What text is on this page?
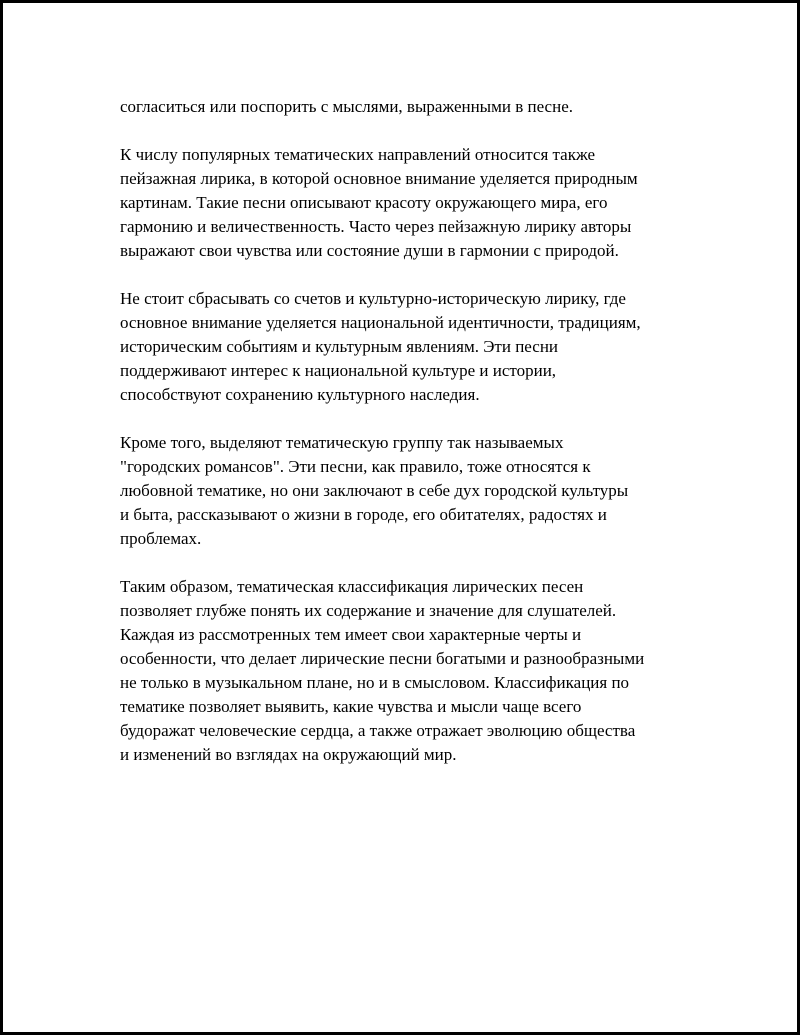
согласиться или поспорить с мыслями, выраженными в песне.

К числу популярных тематических направлений относится также
пейзажная лирика, в которой основное внимание уделяется природным
картинам. Такие песни описывают красоту окружающего мира, его
гармонию и величественность. Часто через пейзажную лирику авторы
выражают свои чувства или состояние души в гармонии с природой.

Не стоит сбрасывать со счетов и культурно-историческую лирику, где
основное внимание уделяется национальной идентичности, традициям,
историческим событиям и культурным явлениям. Эти песни
поддерживают интерес к национальной культуре и истории,
способствуют сохранению культурного наследия.

Кроме того, выделяют тематическую группу так называемых
"городских романсов". Эти песни, как правило, тоже относятся к
любовной тематике, но они заключают в себе дух городской культуры
и быта, рассказывают о жизни в городе, его обитателях, радостях и
проблемах.

Таким образом, тематическая классификация лирических песен
позволяет глубже понять их содержание и значение для слушателей.
Каждая из рассмотренных тем имеет свои характерные черты и
особенности, что делает лирические песни богатыми и разнообразными
не только в музыкальном плане, но и в смысловом. Классификация по
тематике позволяет выявить, какие чувства и мысли чаще всего
будоражат человеческие сердца, а также отражает эволюцию общества
и изменений во взглядах на окружающий мир.
